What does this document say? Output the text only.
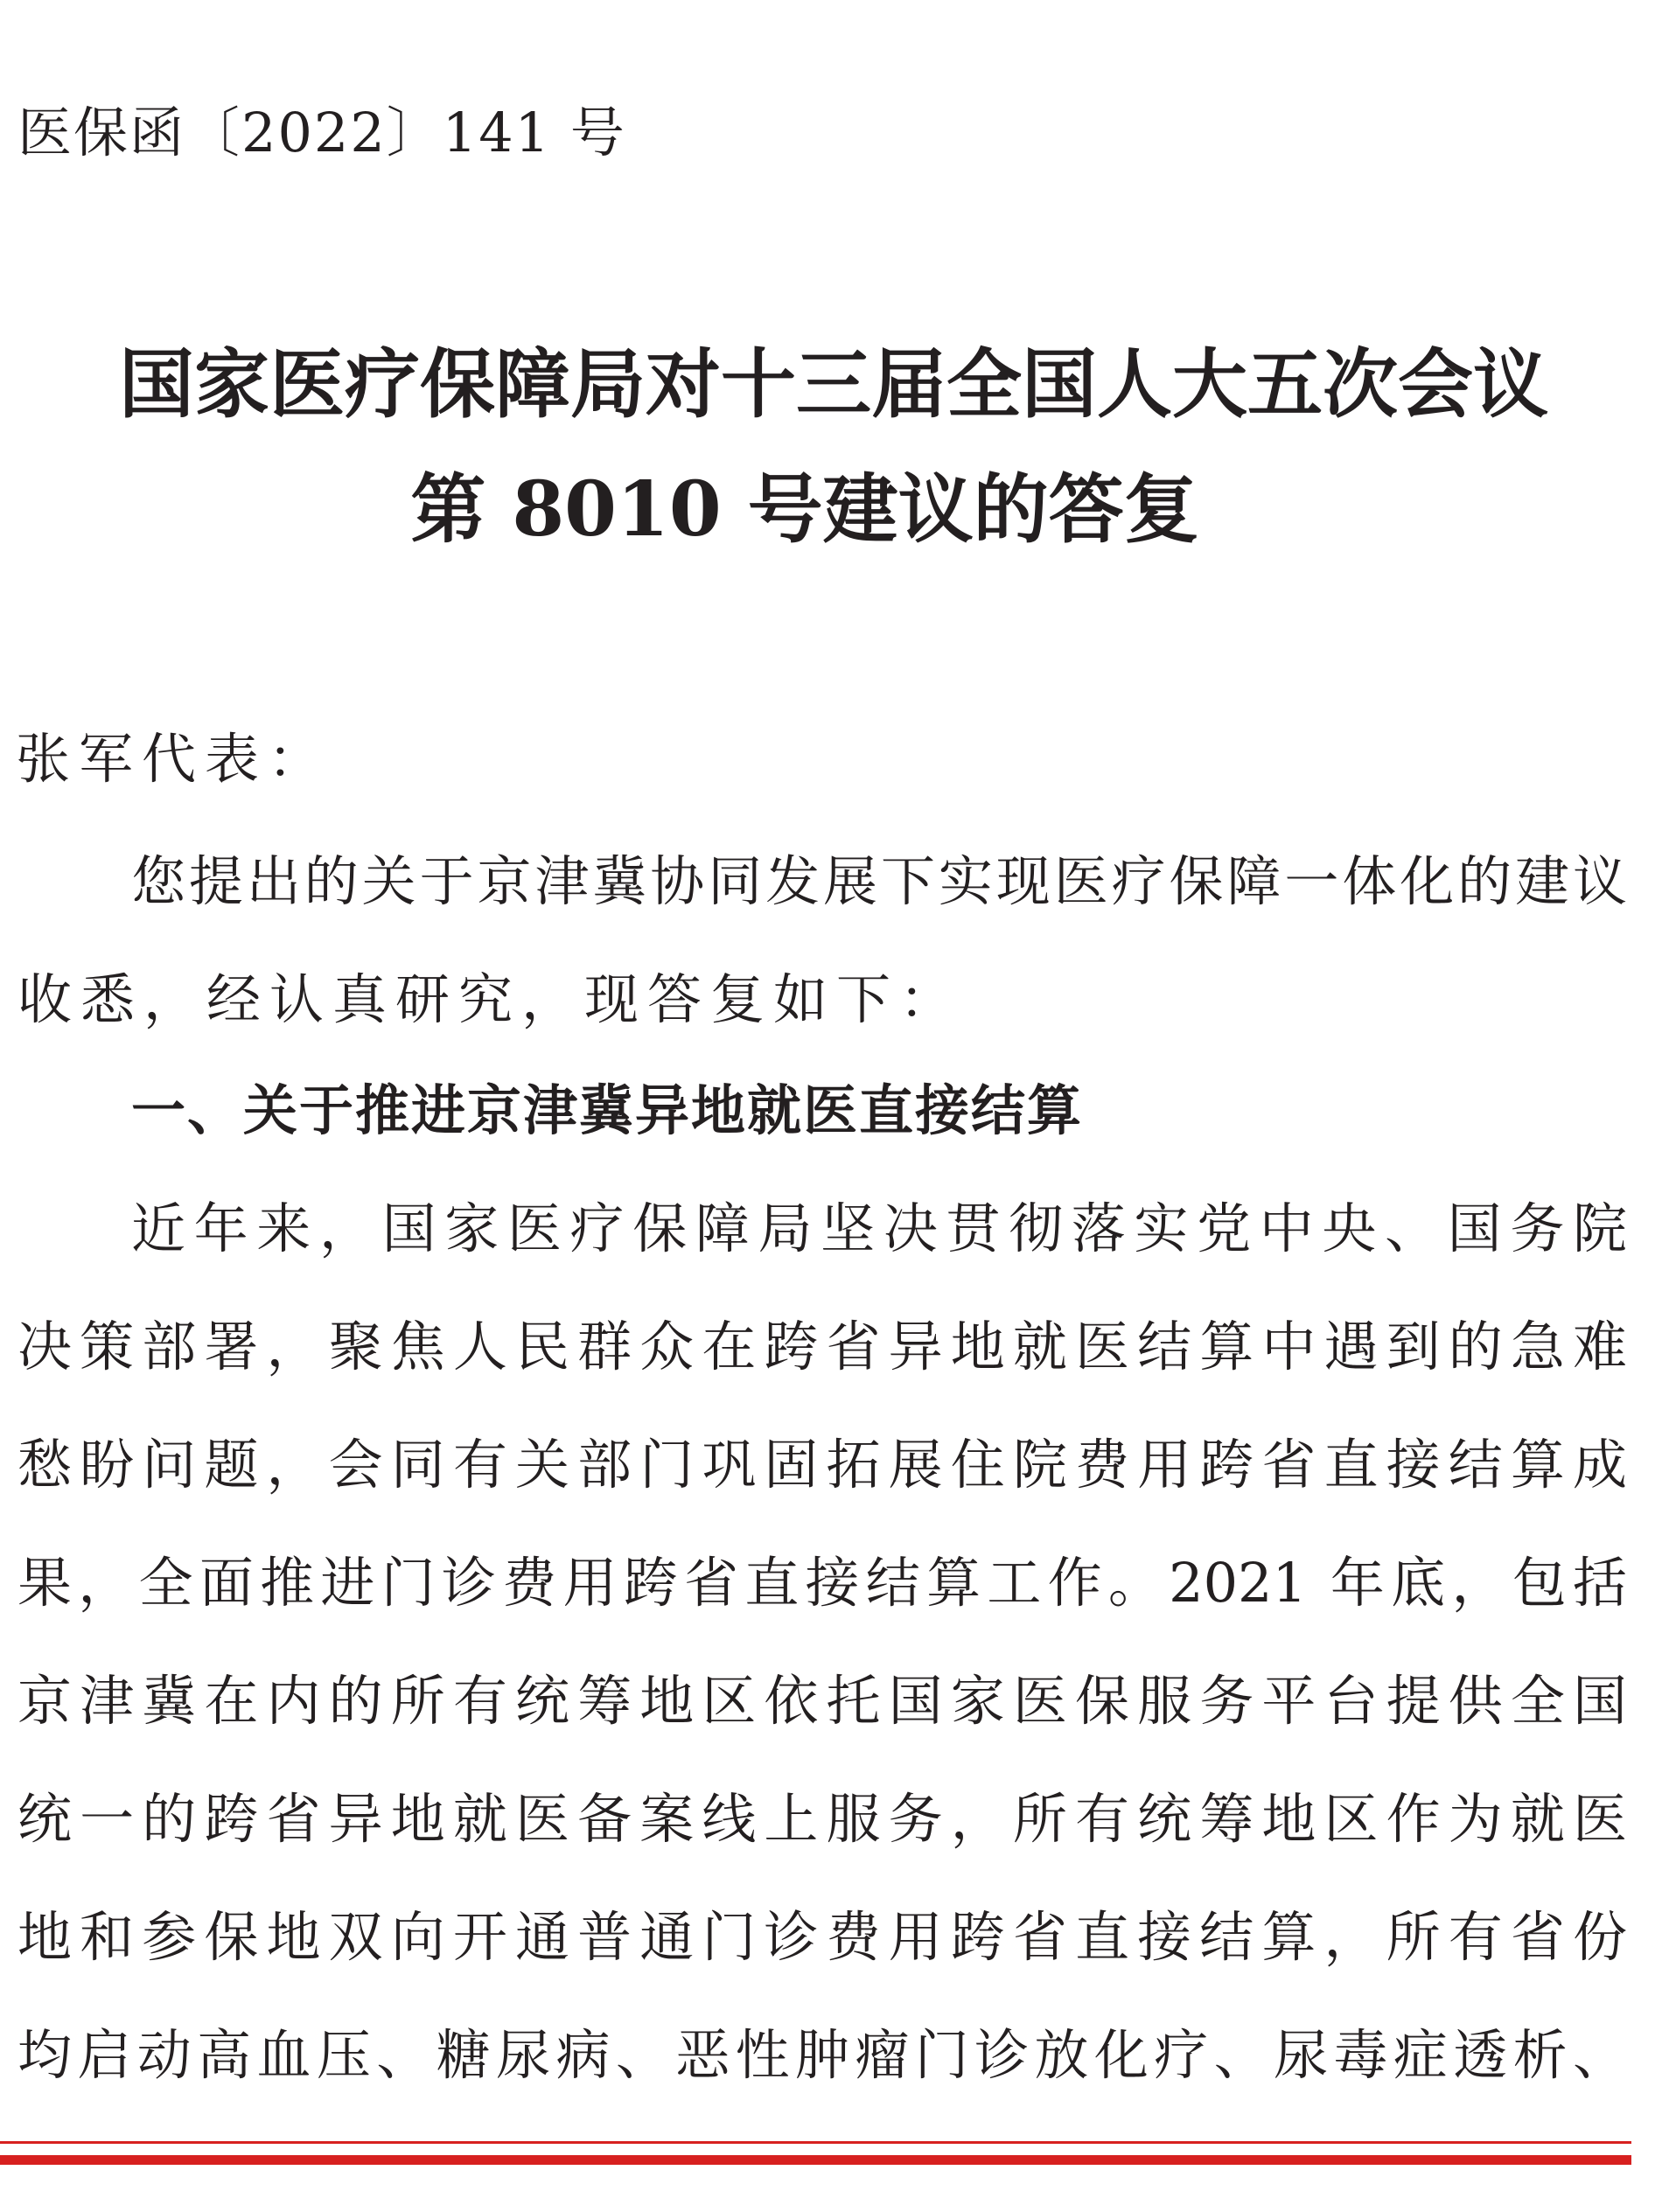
医保函〔2022〕141 号
国家医疗保障局对十三届全国人大五次会议
第 8010 号建议的答复
张军代表：
您提出的关于京津冀协同发展下实现医疗保障一体化的建议
收悉，经认真研究，现答复如下：
一、关于推进京津冀异地就医直接结算
近年来，国家医疗保障局坚决贯彻落实党中央、国务院
决策部署，聚焦人民群众在跨省异地就医结算中遇到的急难
愁盼问题，会同有关部门巩固拓展住院费用跨省直接结算成
果，全面推进门诊费用跨省直接结算工作。2021 年底，包括
京津冀在内的所有统筹地区依托国家医保服务平台提供全国
统一的跨省异地就医备案线上服务，所有统筹地区作为就医
地和参保地双向开通普通门诊费用跨省直接结算，所有省份
均启动高血压、糖尿病、恶性肿瘤门诊放化疗、尿毒症透析、
